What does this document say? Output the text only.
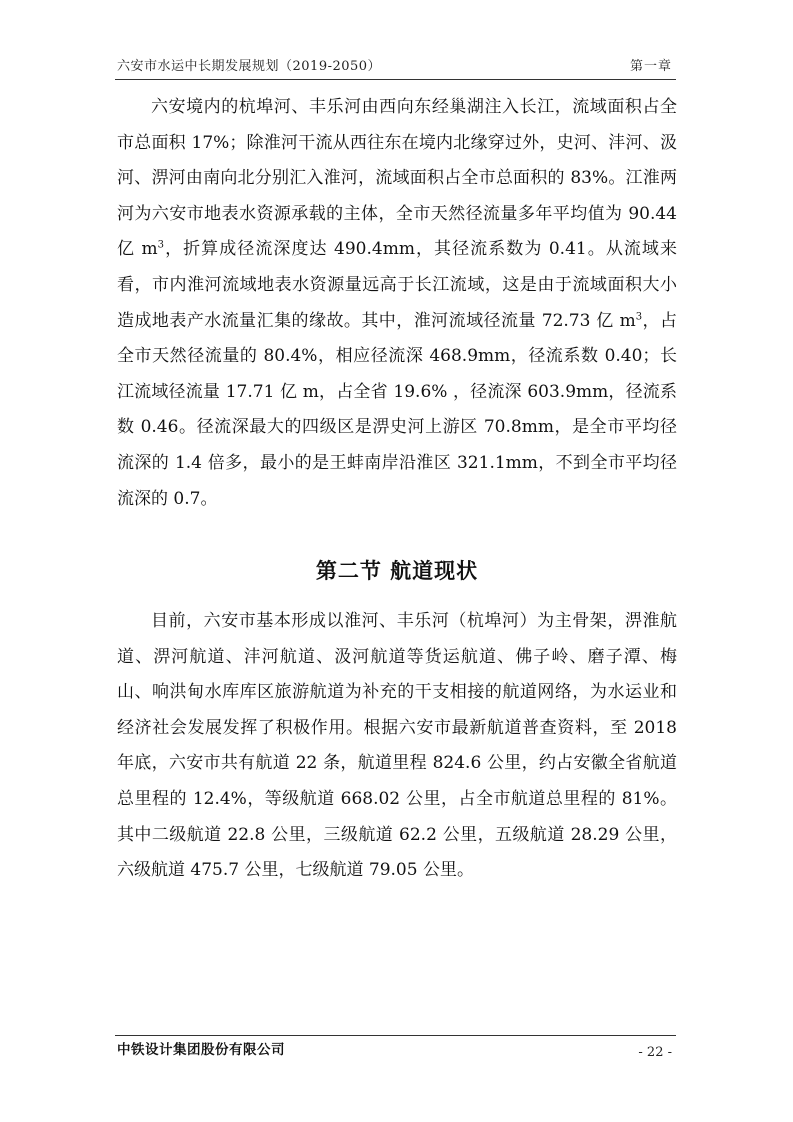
六安市水运中长期发展规划（2019-2050）	第一章

六安境内的杭埠河、丰乐河由西向东经巢湖注入长江，流域面积占全市总面积 17%；除淮河干流从西往东在境内北缘穿过外，史河、沣河、汲河、淠河由南向北分别汇入淮河，流域面积占全市总面积的 83%。江淮两河为六安市地表水资源承载的主体，全市天然径流量多年平均值为 90.44 亿 $m^3$，折算成径流深度达 490.4mm，其径流系数为 0.41。从流域来看，市内淮河流域地表水资源量远高于长江流域，这是由于流域面积大小造成地表产水流量汇集的缘故。其中，淮河流域径流量 72.73 亿 $m^3$，占全市天然径流量的 80.4%，相应径流深 468.9mm，径流系数 0.40；长江流域径流量 17.71 亿 m，占全省 19.6% ，径流深 603.9mm，径流系数 0.46。径流深最大的四级区是淠史河上游区 70.8mm，是全市平均径流深的 1.4 倍多，最小的是王蚌南岸沿淮区 321.1mm，不到全市平均径流深的 0.7。

第二节 航道现状

目前，六安市基本形成以淮河、丰乐河（杭埠河）为主骨架，淠淮航道、淠河航道、沣河航道、汲河航道等货运航道、佛子岭、磨子潭、梅山、响洪甸水库库区旅游航道为补充的干支相接的航道网络，为水运业和经济社会发展发挥了积极作用。根据六安市最新航道普查资料，至 2018 年底，六安市共有航道 22 条，航道里程 824.6 公里，约占安徽全省航道总里程的 12.4%，等级航道 668.02 公里，占全市航道总里程的 81%。其中二级航道 22.8 公里，三级航道 62.2 公里，五级航道 28.29 公里，六级航道 475.7 公里，七级航道 79.05 公里。

中铁设计集团股份有限公司	- 22 -
